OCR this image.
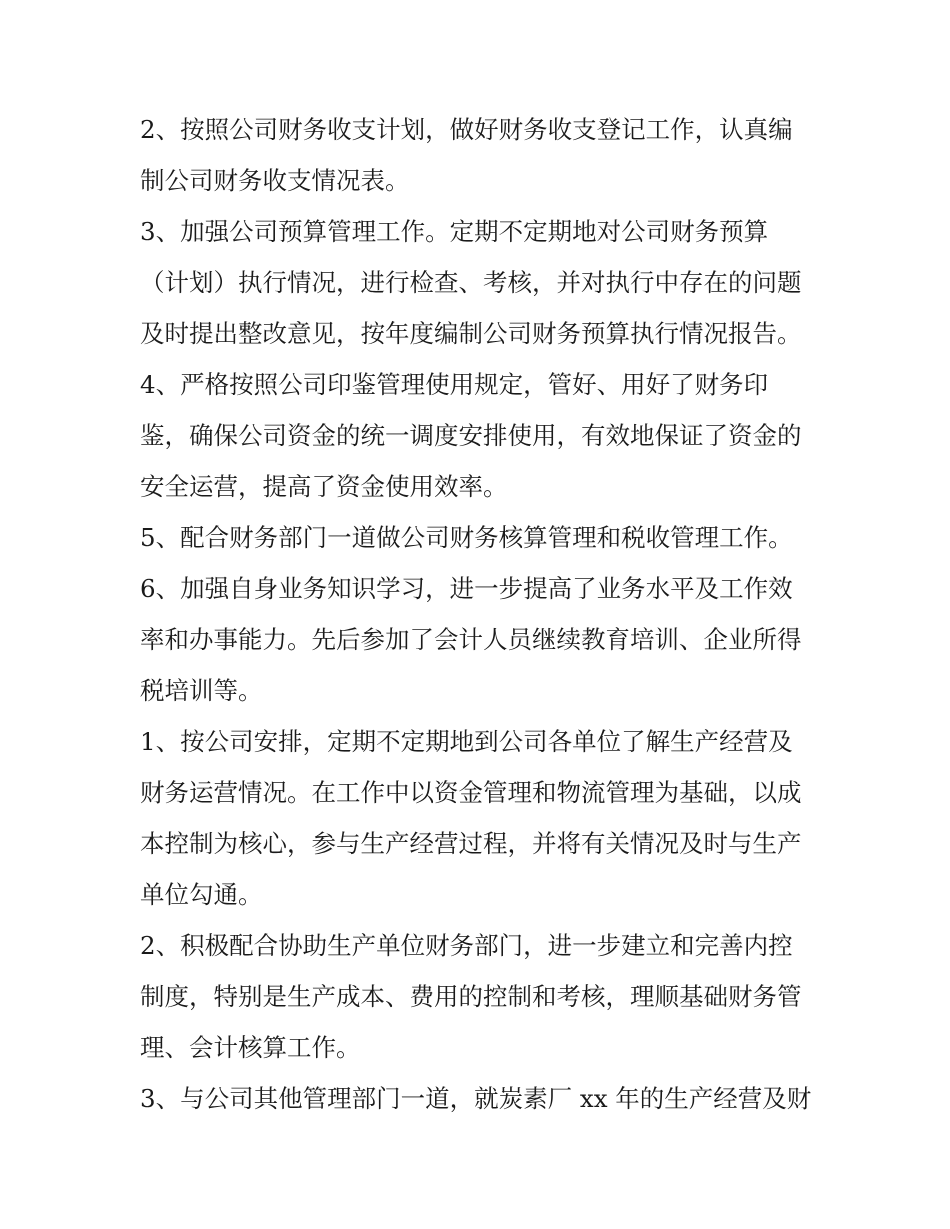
2、按照公司财务收支计划，做好财务收支登记工作，认真编
制公司财务收支情况表。
3、加强公司预算管理工作。定期不定期地对公司财务预算
（计划）执行情况，进行检查、考核，并对执行中存在的问题
及时提出整改意见，按年度编制公司财务预算执行情况报告。
4、严格按照公司印鉴管理使用规定，管好、用好了财务印
鉴，确保公司资金的统一调度安排使用，有效地保证了资金的
安全运营，提高了资金使用效率。
5、配合财务部门一道做公司财务核算管理和税收管理工作。
6、加强自身业务知识学习，进一步提高了业务水平及工作效
率和办事能力。先后参加了会计人员继续教育培训、企业所得
税培训等。
1、按公司安排，定期不定期地到公司各单位了解生产经营及
财务运营情况。在工作中以资金管理和物流管理为基础，以成
本控制为核心，参与生产经营过程，并将有关情况及时与生产
单位勾通。
2、积极配合协助生产单位财务部门，进一步建立和完善内控
制度，特别是生产成本、费用的控制和考核，理顺基础财务管
理、会计核算工作。
3、与公司其他管理部门一道，就炭素厂 xx 年的生产经营及财
